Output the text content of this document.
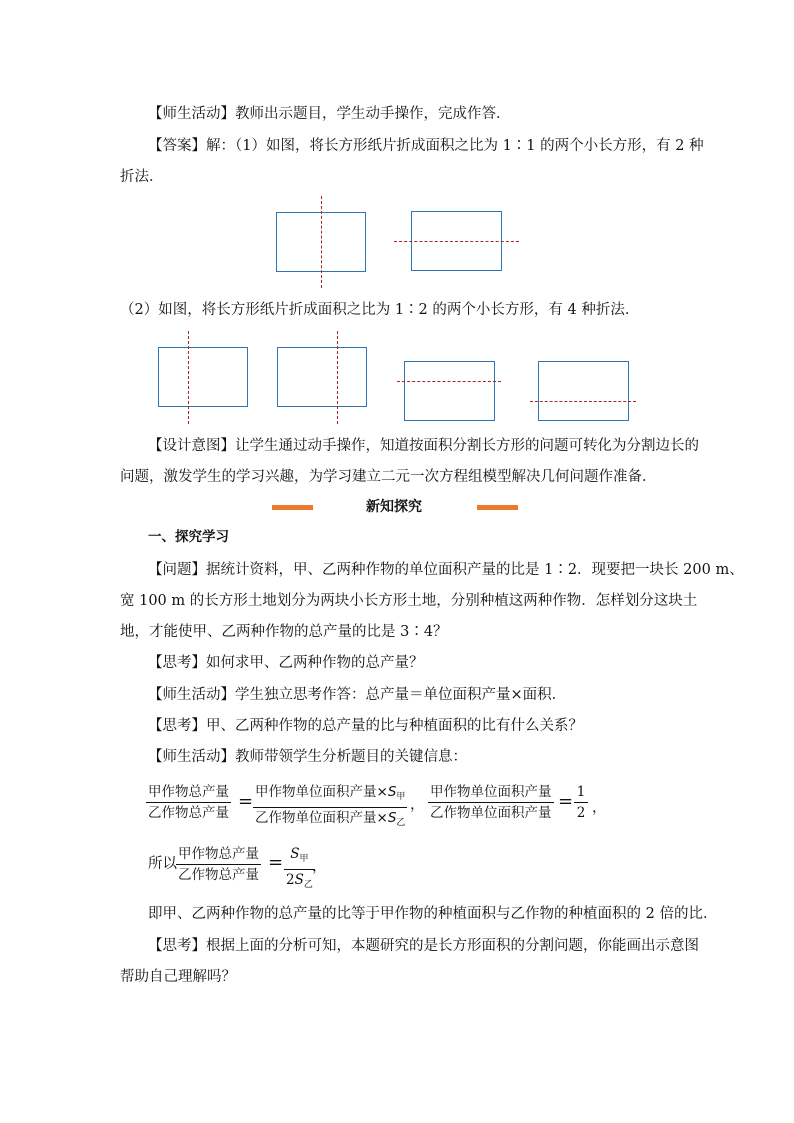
【师生活动】教师出示题目，学生动手操作，完成作答．
【答案】解：（1）如图，将长方形纸片折成面积之比为 1∶1 的两个小长方形，有 2 种
折法．
（2）如图，将长方形纸片折成面积之比为 1∶2 的两个小长方形，有 4 种折法．
【设计意图】让学生通过动手操作，知道按面积分割长方形的问题可转化为分割边长的
问题，激发学生的学习兴趣，为学习建立二元一次方程组模型解决几何问题作准备．
新知探究
一、探究学习
【问题】据统计资料，甲、乙两种作物的单位面积产量的比是 1∶2．现要把一块长 200 m、
宽 100 m 的长方形土地划分为两块小长方形土地，分别种植这两种作物．怎样划分这块土
地，才能使甲、乙两种作物的总产量的比是 3∶4？
【思考】如何求甲、乙两种作物的总产量？
【师生活动】学生独立思考作答：总产量＝单位面积产量×面积．
【思考】甲、乙两种作物的总产量的比与种植面积的比有什么关系？
【师生活动】教师带领学生分析题目的关键信息：
甲作物总产量
乙作物总产量
= 甲作物单位面积产量$\times S_甲$
乙作物单位面积产量$\times S_乙$
，
甲作物单位面积产量
乙作物单位面积产量
= $\frac{1}{2}$ ，
所以
甲作物总产量
乙作物总产量
= $S_甲$
$2S_乙$
，
即甲、乙两种作物的总产量的比等于甲作物的种植面积与乙作物的种植面积的 2 倍的比．
【思考】根据上面的分析可知，本题研究的是长方形面积的分割问题，你能画出示意图
帮助自己理解吗？
